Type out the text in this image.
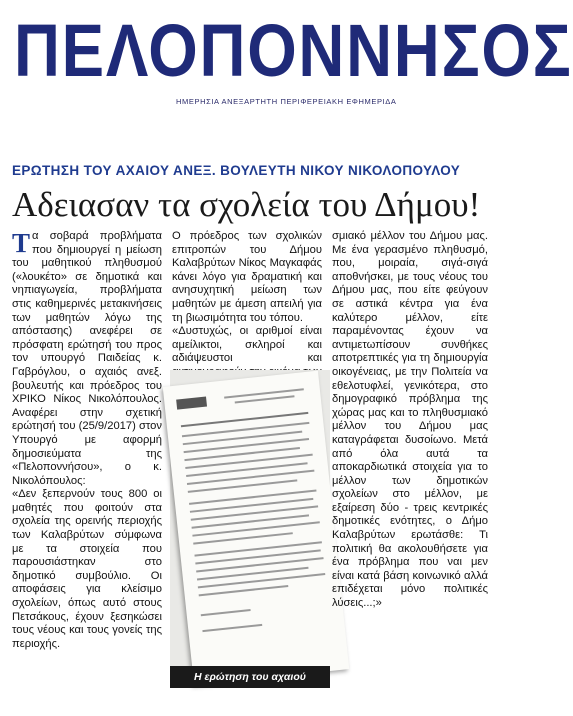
ΠΕΛΟΠΟΝΝΗΣΟΣ
ΗΜΕΡΗΣΙΑ ΑΝΕΞΑΡΤΗΤΗ ΠΕΡΙΦΕΡΕΙΑΚΗ ΕΦΗΜΕΡΙΔΑ
ΕΡΩΤΗΣΗ ΤΟΥ ΑΧΑΙΟΥ ΑΝΕΞ. ΒΟΥΛΕΥΤΗ ΝΙΚΟΥ ΝΙΚΟΛΟΠΟΥΛΟΥ
Αδειασαν τα σχολεία του Δήμου!

Τα σοβαρά προβλήματα που δημιουργεί η μείωση του μαθητικού πληθυσμού («λουκέτο» σε δημοτικά και νηπιαγωγεία, προβλήματα στις καθημερινές μετακινήσεις των μαθητών λόγω της απόστασης) ανεφέρει σε πρόσφατη ερώτησή του προς τον υπουργό Παιδείας κ. Γαβρόγλου, ο αχαιός ανεξ. βουλευτής και πρόεδρος του ΧΡΙΚΟ Νίκος Νικολόπουλος. Αναφέρει στην σχετική ερώτησή του (25/9/2017) στον Υπουργό με αφορμή δημοσιεύματα της «Πελοποννήσου», ο κ. Νικολόπουλος:

«Δεν ξεπερνούν τους 800 οι μαθητές που φοιτούν στα σχολεία της ορεινής περιοχής των Καλαβρύτων σύμφωνα με τα στοιχεία που παρουσιάστηκαν στο δημοτικό συμβούλιο. Οι αποφάσεις για κλείσιμο σχολείων, όπως αυτό στους Πετσάκους, έχουν ξεσηκώσει τους νέους και τους γονείς της περιοχής.

Ο πρόεδρος των σχολικών επιτροπών του Δήμου Καλαβρύτων Νίκος Μαγκαφάς κάνει λόγο για δραματική και ανησυχητική μείωση των μαθητών με άμεση απειλή για τη βιωσιμότητα του τόπου.

«Δυστυχώς, οι αριθμοί είναι αμείλικτοι, σκληροί και αδιάψευστοι και

Η ερώτηση του αχαιού βουλευτή

σμιακό μέλλον του Δήμου μας. Με ένα γερασμένο πληθυσμό, που, μοιραία, σιγά-σιγά αποθνήσκει, με τους νέους του Δήμου μας, που είτε φεύγουν σε αστικά κέντρα για ένα καλύτερο μέλλον, είτε παραμένοντας έχουν να αντιμετωπίσουν συνθήκες αποτρεπτικές για τη δημιουργία οικογένειας, με την Πολιτεία να εθελοτυφλεί, γενικότερα, στο δημογραφικό πρόβλημα της χώρας μας και το πληθυσμιακό μέλλον του Δήμου μας καταγράφεται δυσοίωνο. Μετά από όλα αυτά τα αποκαρδιωτικά στοιχεία για το μέλλον των δημοτικών σχολείων στο μέλλον, με εξαίρεση δύο - τρεις κεντρικές δημοτικές ενότητες, ο Δήμο Καλαβρύτων ερωτάσθε: Τι πολιτική θα ακολουθήσετε για ένα πρόβλημα που ναι μεν είναι κατά βάση κοινωνικό αλλά επιδέχεται μόνο πολιτικές λύσεις...;»
